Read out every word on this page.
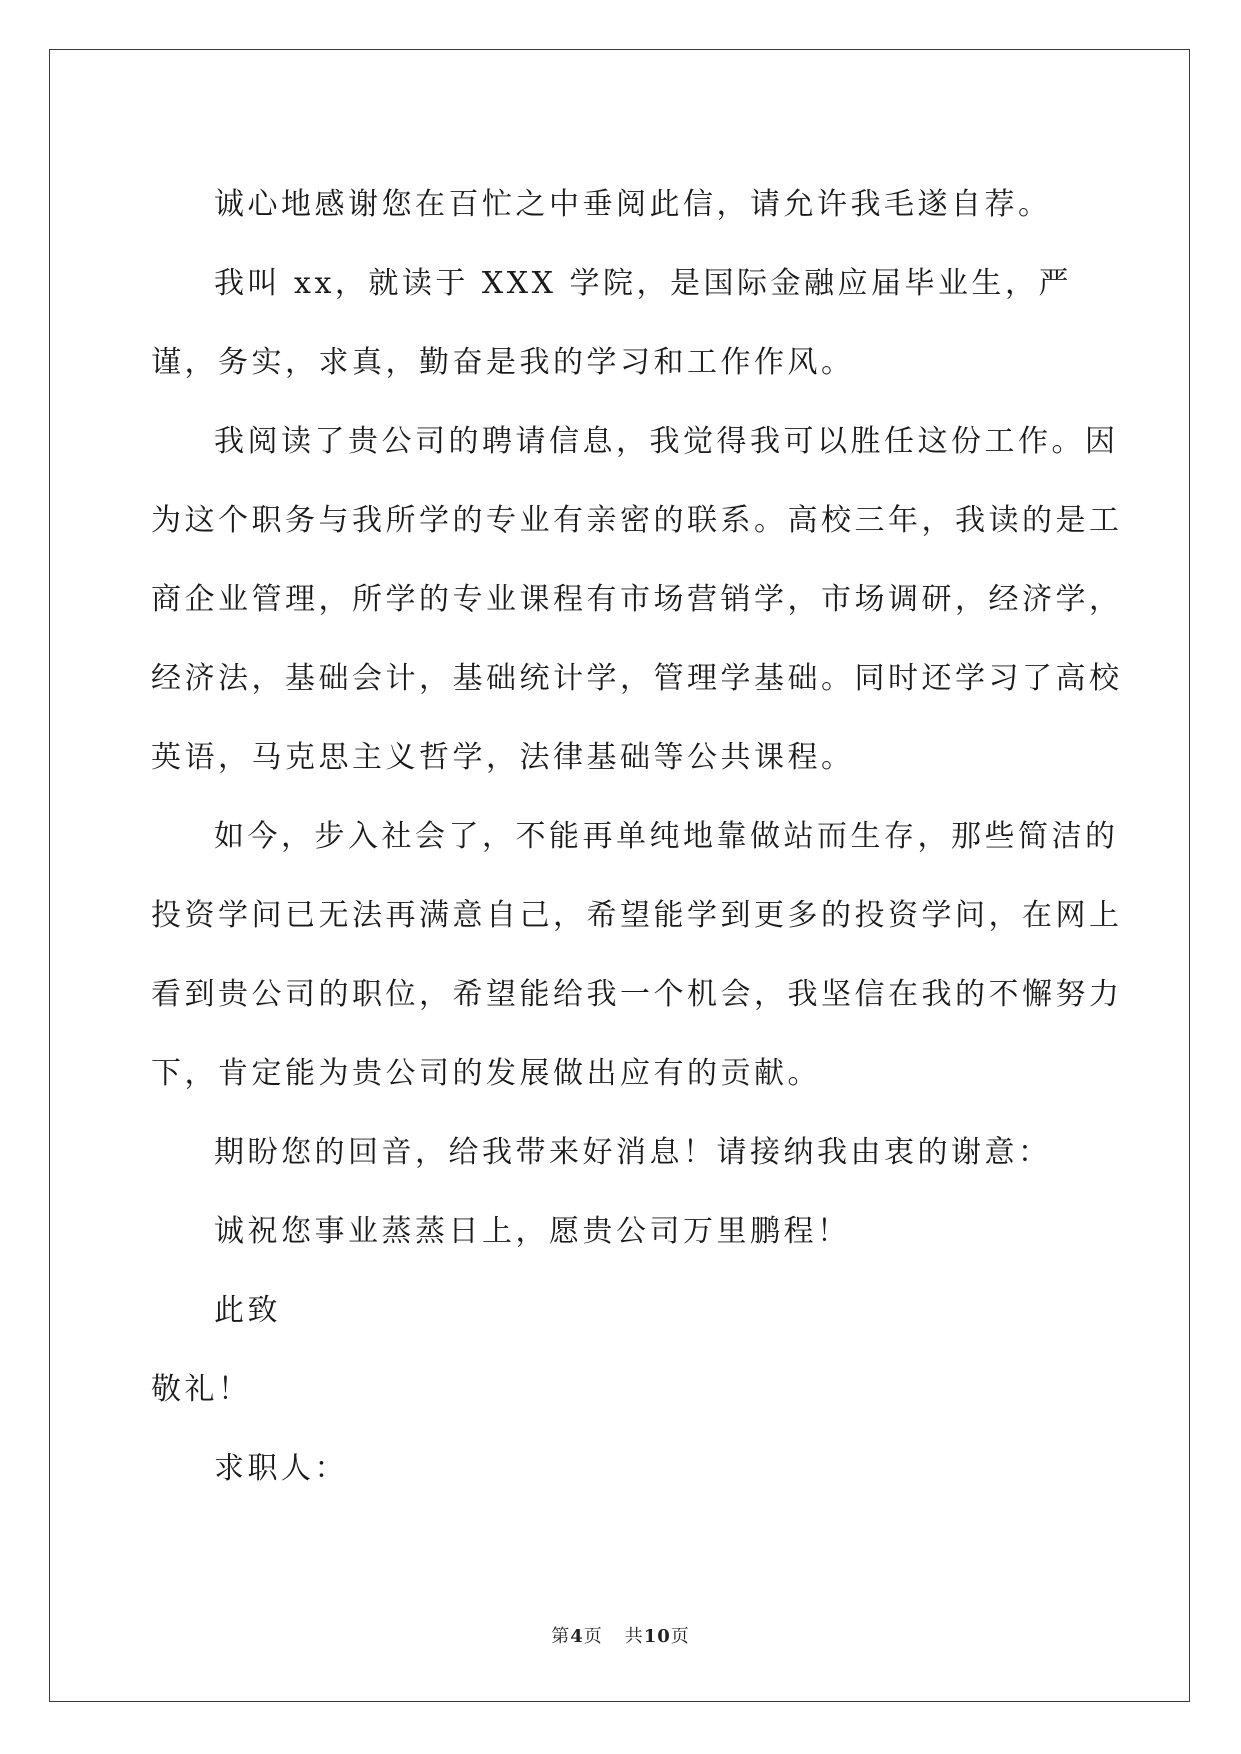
诚心地感谢您在百忙之中垂阅此信，请允许我毛遂自荐。

我叫 xx，就读于 XXX 学院，是国际金融应届毕业生，严谨，务实，求真，勤奋是我的学习和工作作风。

我阅读了贵公司的聘请信息，我觉得我可以胜任这份工作。因为这个职务与我所学的专业有亲密的联系。高校三年，我读的是工商企业管理，所学的专业课程有市场营销学，市场调研，经济学，经济法，基础会计，基础统计学，管理学基础。同时还学习了高校英语，马克思主义哲学，法律基础等公共课程。

如今，步入社会了，不能再单纯地靠做站而生存，那些简洁的投资学问已无法再满意自己，希望能学到更多的投资学问，在网上看到贵公司的职位，希望能给我一个机会，我坚信在我的不懈努力下，肯定能为贵公司的发展做出应有的贡献。

期盼您的回音，给我带来好消息！请接纳我由衷的谢意：

诚祝您事业蒸蒸日上，愿贵公司万里鹏程！

此致

敬礼！

求职人：

第4页 共10页
